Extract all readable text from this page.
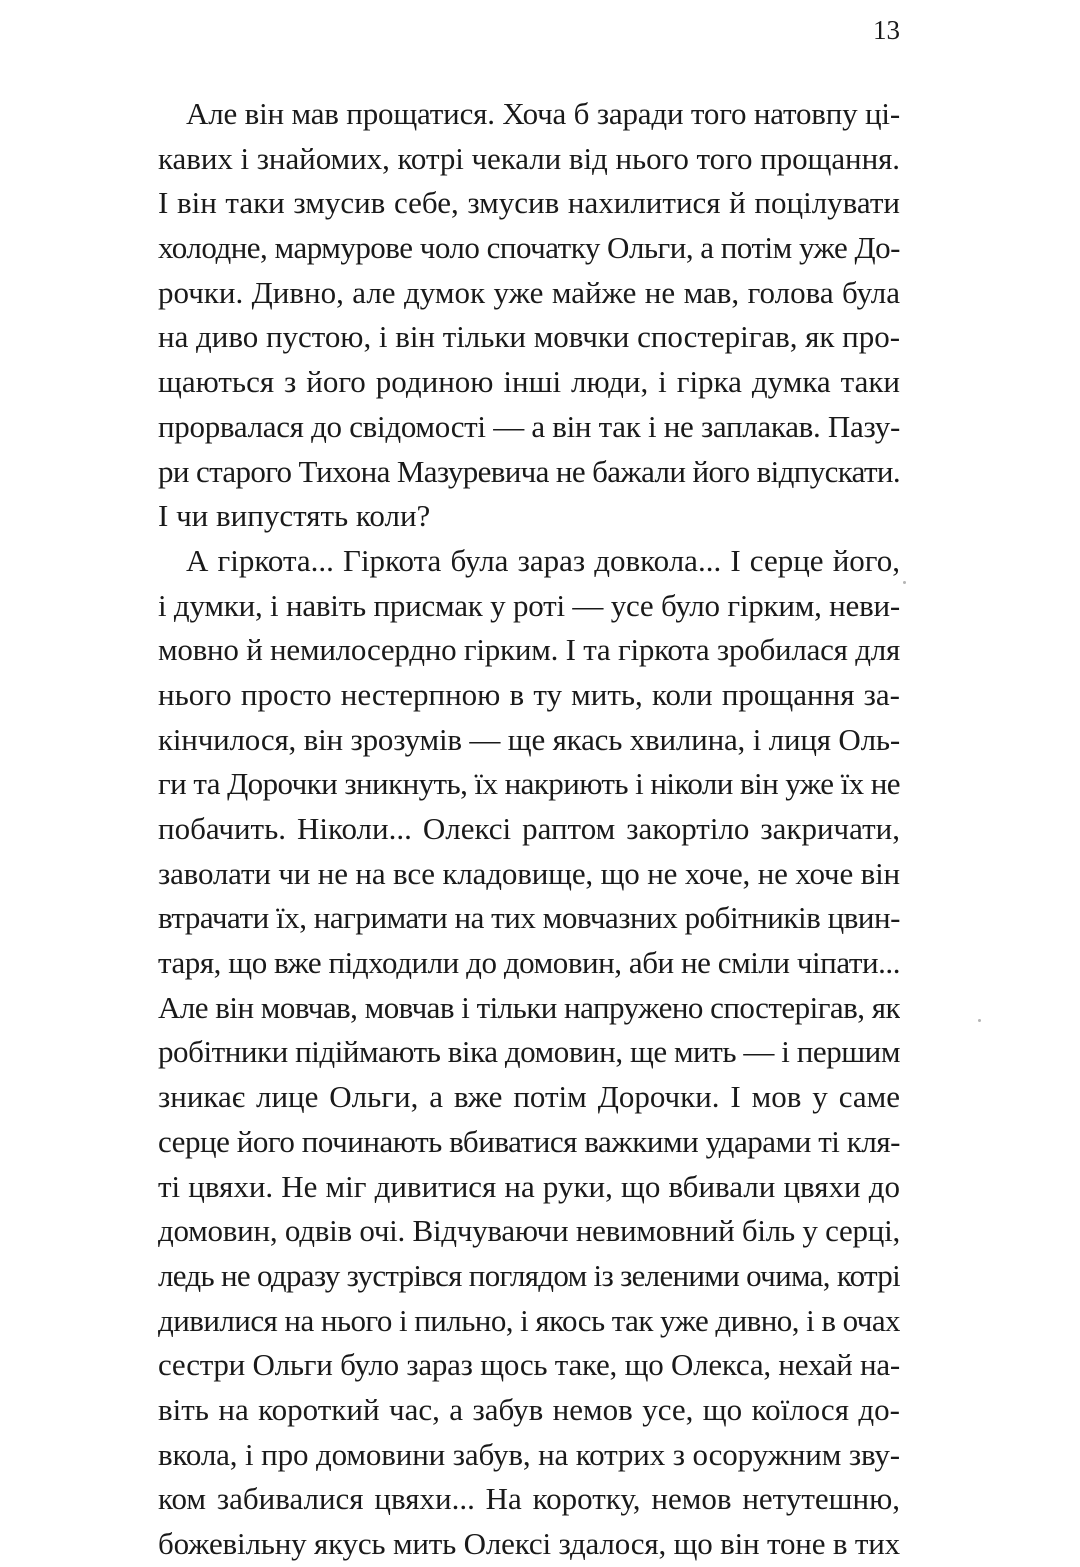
13
Але він мав прощатися. Хоча б заради того натовпу ці-
кавих і знайомих, котрі чекали від нього того прощання.
І він таки змусив себе, змусив нахилитися й поцілувати
холодне, мармурове чоло спочатку Ольги, а потім уже До-
рочки. Дивно, але думок уже майже не мав, голова була
на диво пустою, і він тільки мовчки спостерігав, як про-
щаються з його родиною інші люди, і гірка думка таки
прорвалася до свідомості — а він так і не заплакав. Пазу-
ри старого Тихона Мазуревича не бажали його відпускати.
І чи випустять коли?
А гіркота... Гіркота була зараз довкола... І серце його,
і думки, і навіть присмак у роті — усе було гірким, неви-
мовно й немилосердно гірким. І та гіркота зробилася для
нього просто нестерпною в ту мить, коли прощання за-
кінчилося, він зрозумів — ще якась хвилина, і лиця Оль-
ги та Дорочки зникнуть, їх накриють і ніколи він уже їх не
побачить. Ніколи... Олексі раптом закортіло закричати,
заволати чи не на все кладовище, що не хоче, не хоче він
втрачати їх, нагримати на тих мовчазних робітників цвин-
таря, що вже підходили до домовин, аби не сміли чіпати...
Але він мовчав, мовчав і тільки напружено спостерігав, як
робітники підіймають віка домовин, ще мить — і першим
зникає лице Ольги, а вже потім Дорочки. І мов у саме
серце його починають вбиватися важкими ударами ті кля-
ті цвяхи. Не міг дивитися на руки, що вбивали цвяхи до
домовин, одвів очі. Відчуваючи невимовний біль у серці,
ледь не одразу зустрівся поглядом із зеленими очима, котрі
дивилися на нього і пильно, і якось так уже дивно, і в очах
сестри Ольги було зараз щось таке, що Олекса, нехай на-
віть на короткий час, а забув немов усе, що коїлося до-
вкола, і про домовини забув, на котрих з осоружним зву-
ком забивалися цвяхи... На коротку, немов нетутешню,
божевільну якусь мить Олексі здалося, що він тоне в тих
